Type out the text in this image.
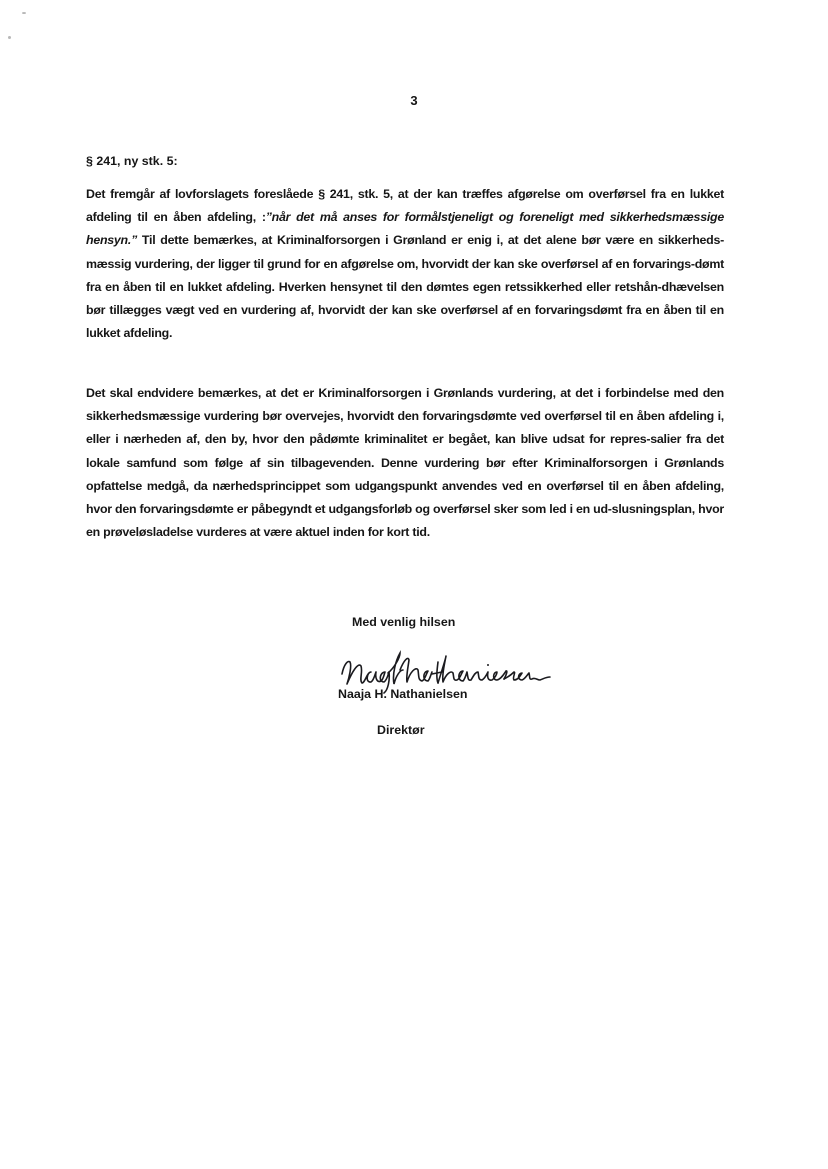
3
§ 241, ny stk. 5:

Det fremgår af lovforslagets foreslåede § 241, stk. 5, at der kan træffes afgørelse om overførsel fra en lukket afdeling til en åben afdeling, :”når det må anses for formålstjeneligt og foreneligt med sikkerhedsmæssige hensyn.” Til dette bemærkes, at Kriminalforsorgen i Grønland er enig i, at det alene bør være en sikkerheds-mæssig vurdering, der ligger til grund for en afgørelse om, hvorvidt der kan ske overførsel af en forvarings-dømt fra en åben til en lukket afdeling. Hverken hensynet til den dømtes egen retssikkerhed eller retshån-dhævelsen bør tillægges vægt ved en vurdering af, hvorvidt der kan ske overførsel af en forvaringsdømt fra en åben til en lukket afdeling.

Det skal endvidere bemærkes, at det er Kriminalforsorgen i Grønlands vurdering, at det i forbindelse med den sikkerhedsmæssige vurdering bør overvejes, hvorvidt den forvaringsdømte ved overførsel til en åben afdeling i, eller i nærheden af, den by, hvor den pådømte kriminalitet er begået, kan blive udsat for repres-salier fra det lokale samfund som følge af sin tilbagevenden. Denne vurdering bør efter Kriminalforsorgen i Grønlands opfattelse medgå, da nærhedsprincippet som udgangspunkt anvendes ved en overførsel til en åben afdeling, hvor den forvaringsdømte er påbegyndt et udgangsforløb og overførsel sker som led i en ud-slusningsplan, hvor en prøveløsladelse vurderes at være aktuel inden for kort tid.

Med venlig hilsen
Naaja H. Nathanielsen
Direktør
